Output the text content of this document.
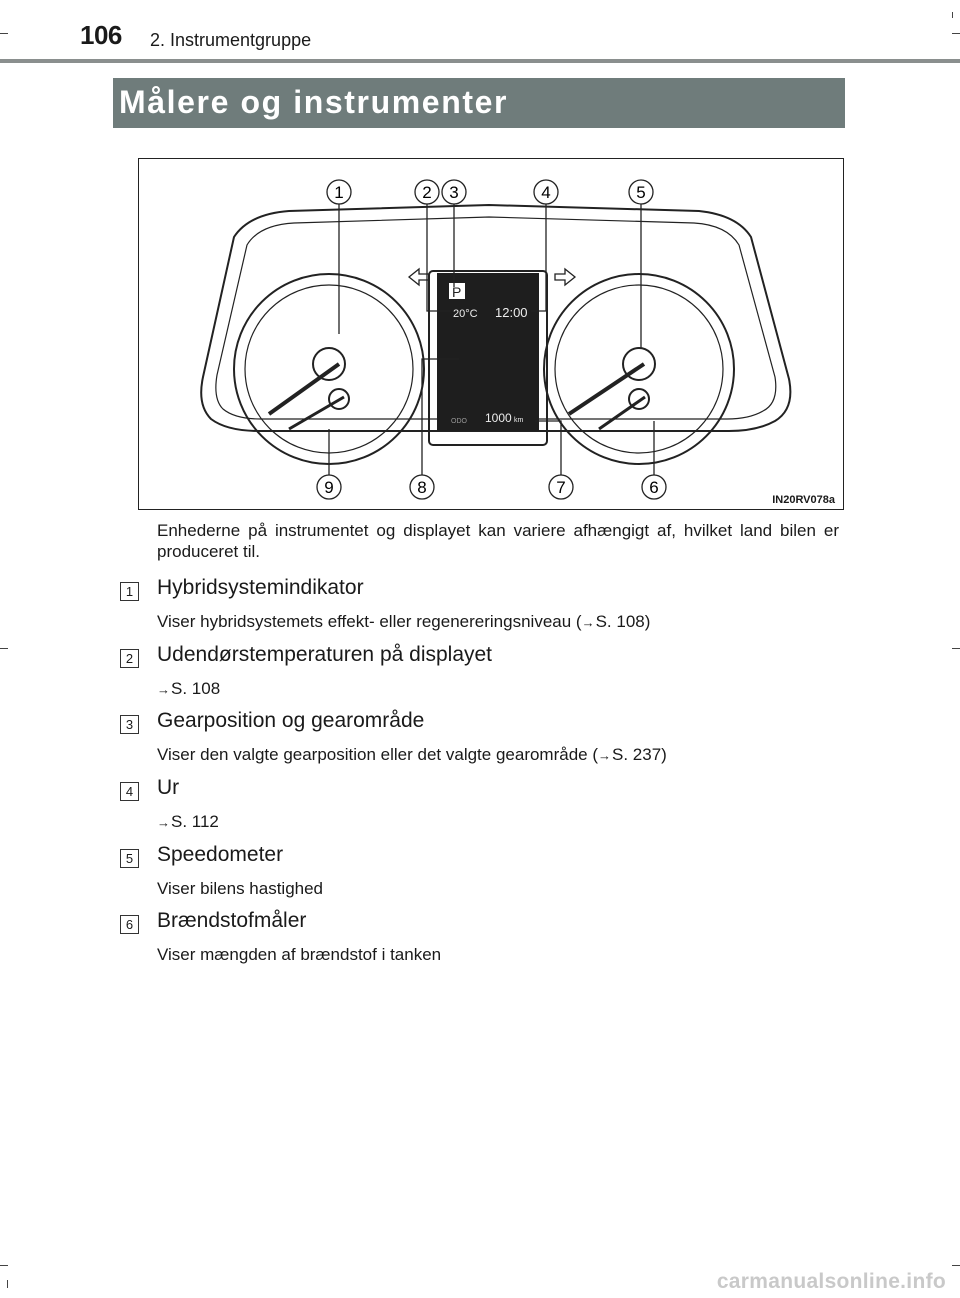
106 2. Instrumentgruppe
Målere og instrumenter
P
20°C 12:00
ODO 1000 km
1	2 3	4	5
6
7
8
9
IN20RV078a
Enhederne på instrumentet og displayet kan variere afhængigt af, hvilket land bilen er produceret til.
1 Hybridsystemindikator
Viser hybridsystemets effekt- eller regenereringsniveau (→S. 108)
2 Udendørstemperaturen på displayet
→S. 108
3 Gearposition og gearområde
Viser den valgte gearposition eller det valgte gearområde (→S. 237)
4 Ur
→S. 112
5 Speedometer
Viser bilens hastighed
6 Brændstofmåler
Viser mængden af brændstof i tanken
carmanualsonline.info
